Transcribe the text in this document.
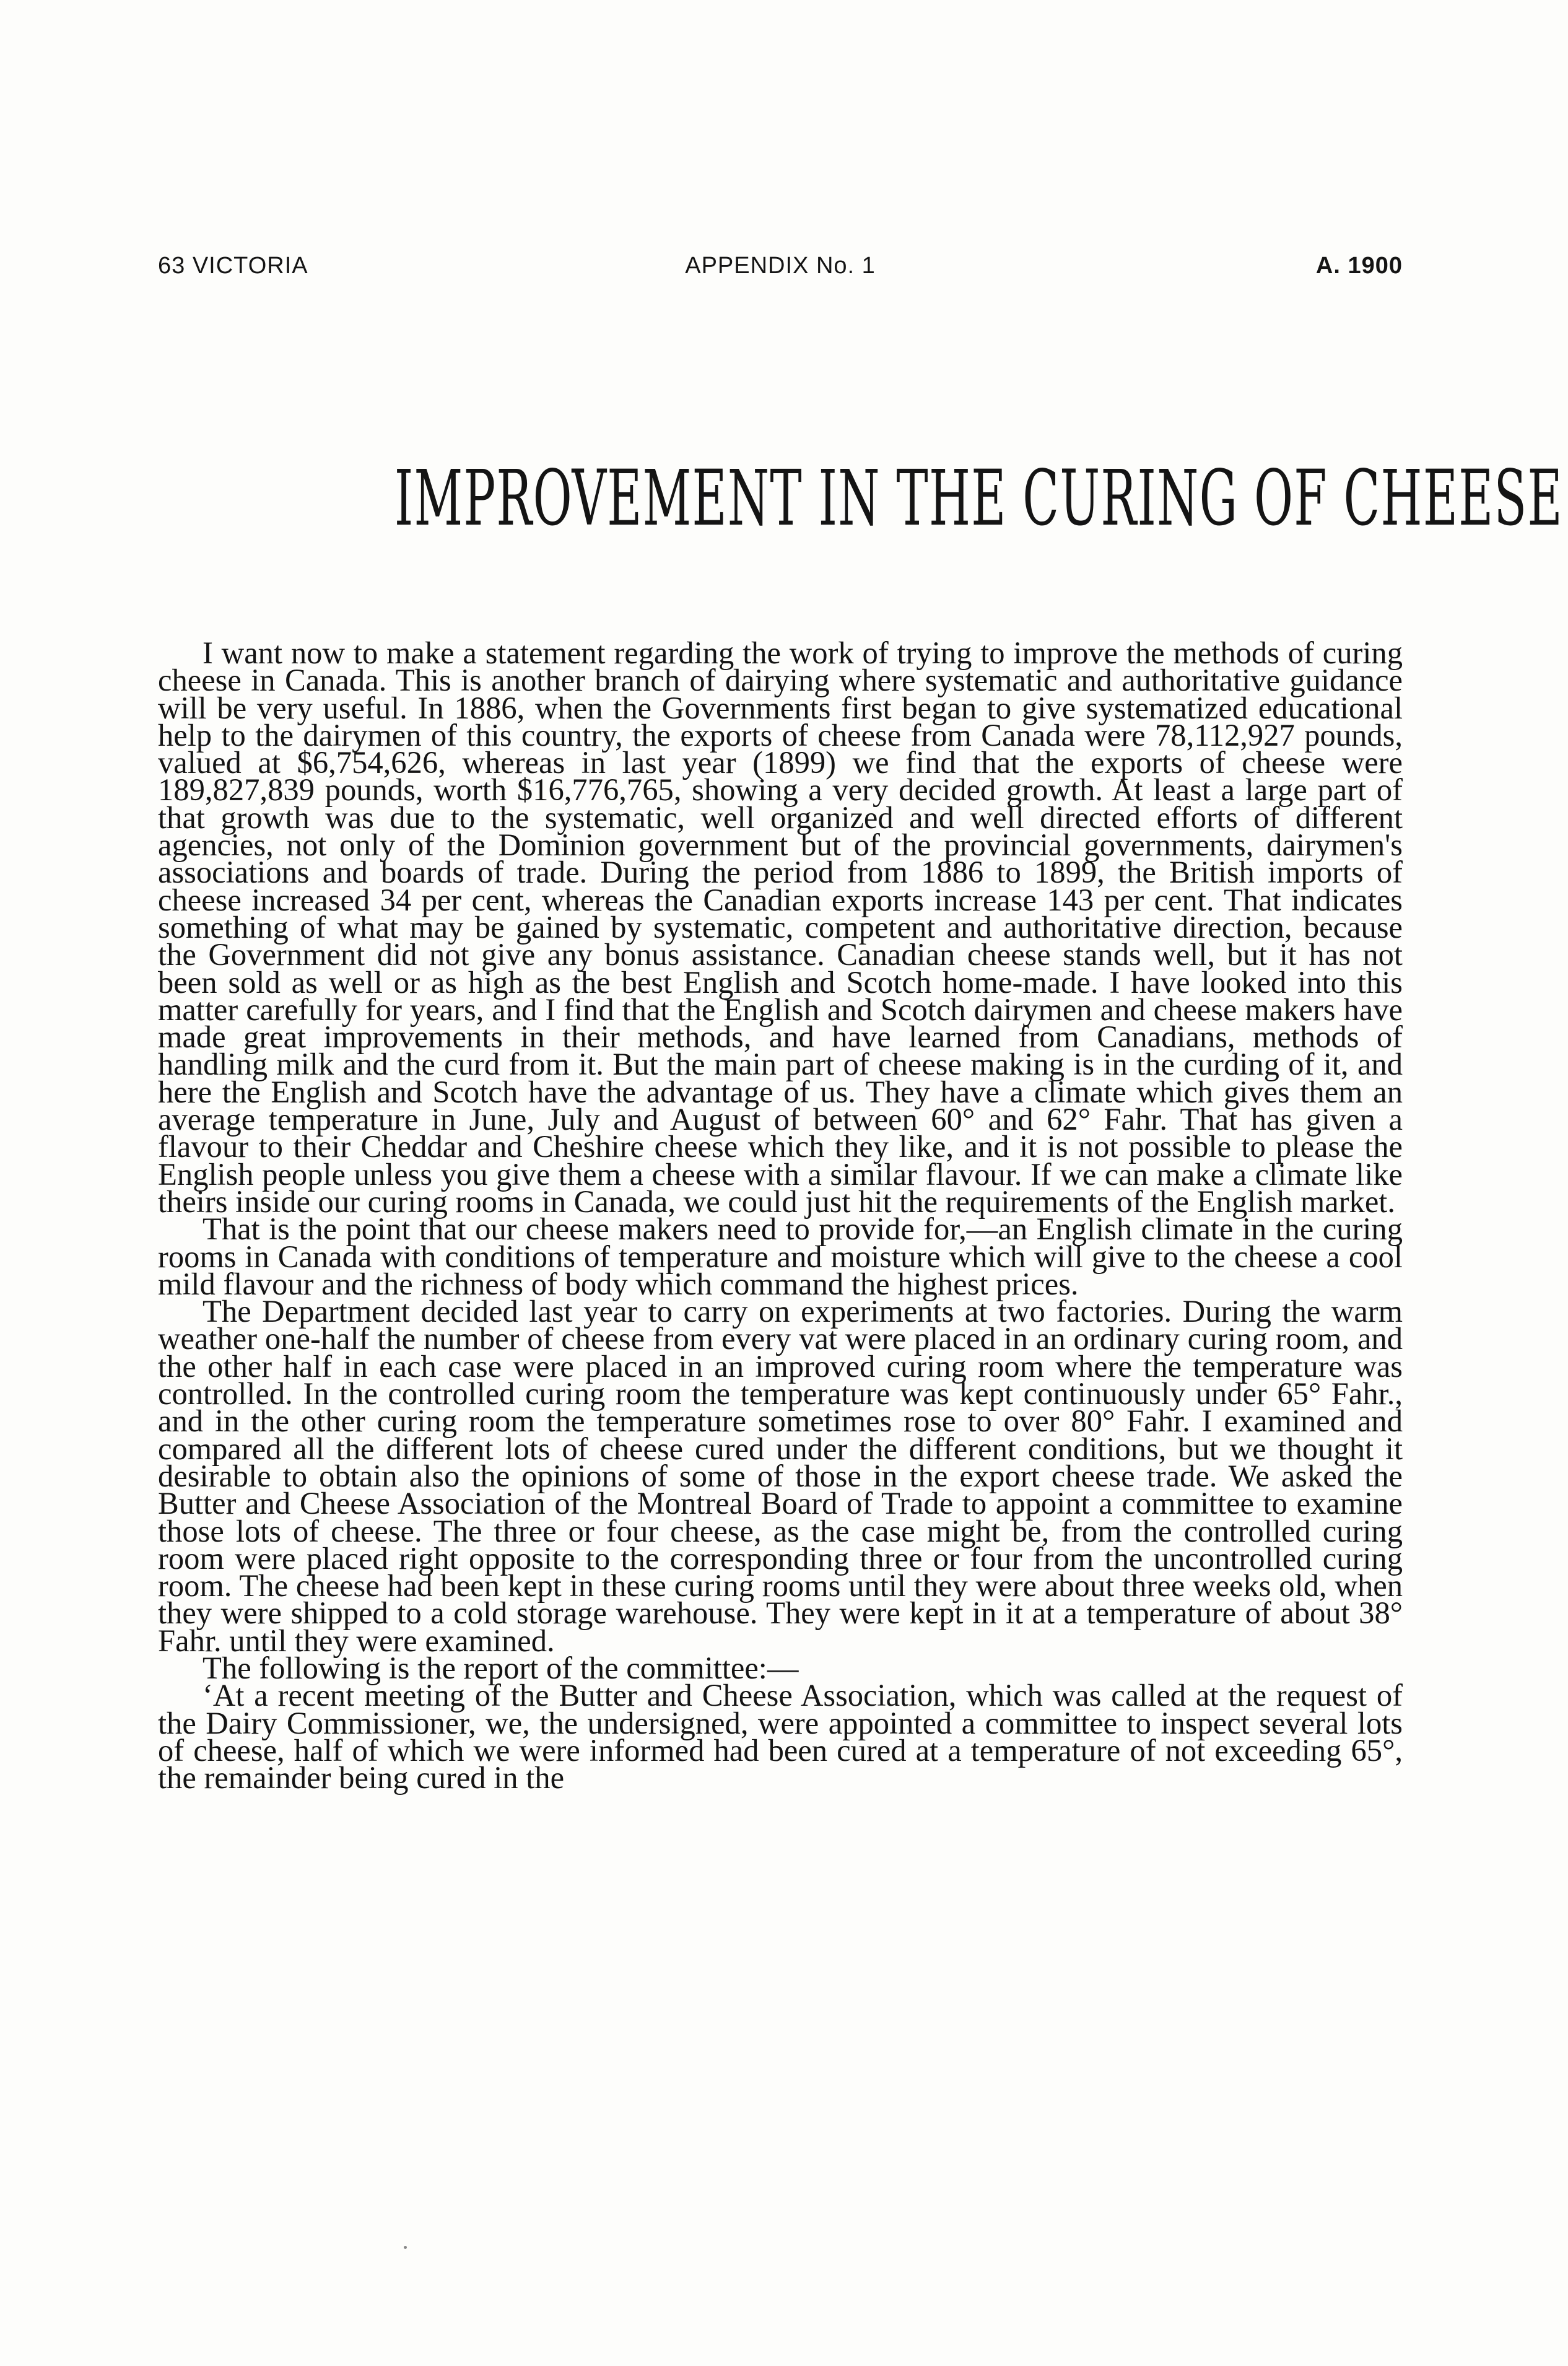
63 VICTORIA	APPENDIX No. 1	A. 1900
IMPROVEMENT IN THE CURING OF CHEESE

I want now to make a statement regarding the work of trying to improve the methods of curing cheese in Canada. This is another branch of dairying where systematic and authoritative guidance will be very useful. In 1886, when the Governments first began to give systematized educational help to the dairymen of this country, the exports of cheese from Canada were 78,112,927 pounds, valued at $6,754,626, whereas in last year (1899) we find that the exports of cheese were 189,827,839 pounds, worth $16,776,765, showing a very decided growth. At least a large part of that growth was due to the systematic, well organized and well directed efforts of different agencies, not only of the Dominion government but of the provincial governments, dairymen's associations and boards of trade. During the period from 1886 to 1899, the British imports of cheese increased 34 per cent, whereas the Canadian exports increase 143 per cent. That indicates something of what may be gained by systematic, competent and authoritative direction, because the Government did not give any bonus assistance. Canadian cheese stands well, but it has not been sold as well or as high as the best English and Scotch home-made. I have looked into this matter carefully for years, and I find that the English and Scotch dairymen and cheese makers have made great improvements in their methods, and have learned from Canadians, methods of handling milk and the curd from it. But the main part of cheese making is in the curding of it, and here the English and Scotch have the advantage of us. They have a climate which gives them an average temperature in June, July and August of between 60° and 62° Fahr. That has given a flavour to their Cheddar and Cheshire cheese which they like, and it is not possible to please the English people unless you give them a cheese with a similar flavour. If we can make a climate like theirs inside our curing rooms in Canada, we could just hit the requirements of the English market.

That is the point that our cheese makers need to provide for,—an English climate in the curing rooms in Canada with conditions of temperature and moisture which will give to the cheese a cool mild flavour and the richness of body which command the highest prices.

The Department decided last year to carry on experiments at two factories. During the warm weather one-half the number of cheese from every vat were placed in an ordinary curing room, and the other half in each case were placed in an improved curing room where the temperature was controlled. In the controlled curing room the temperature was kept continuously under 65° Fahr., and in the other curing room the temperature sometimes rose to over 80° Fahr. I examined and compared all the different lots of cheese cured under the different conditions, but we thought it desirable to obtain also the opinions of some of those in the export cheese trade. We asked the Butter and Cheese Association of the Montreal Board of Trade to appoint a committee to examine those lots of cheese. The three or four cheese, as the case might be, from the controlled curing room were placed right opposite to the corresponding three or four from the uncontrolled curing room. The cheese had been kept in these curing rooms until they were about three weeks old, when they were shipped to a cold storage warehouse. They were kept in it at a temperature of about 38° Fahr. until they were examined.

The following is the report of the committee:—

‘At a recent meeting of the Butter and Cheese Association, which was called at the request of the Dairy Commissioner, we, the undersigned, were appointed a committee to inspect several lots of cheese, half of which we were informed had been cured at a temperature of not exceeding 65°, the remainder being cured in the
